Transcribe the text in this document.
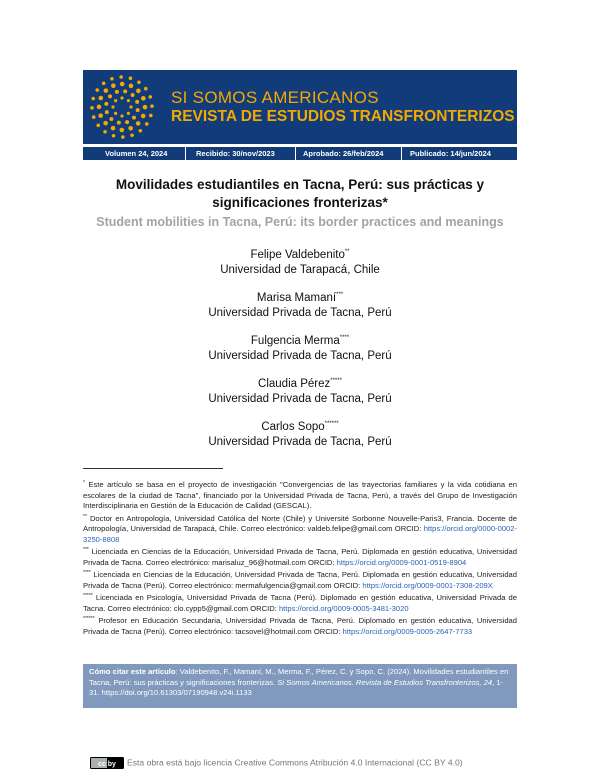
SI SOMOS AMERICANOS
REVISTA DE ESTUDIOS TRANSFRONTERIZOS
Volumen 24, 2024	Recibido: 30/nov/2023	Aprobado: 26/feb/2024	Publicado: 14/jun/2024
Movilidades estudiantiles en Tacna, Perú: sus prácticas y significaciones fronterizas*
Student mobilities in Tacna, Perú: its border practices and meanings
Felipe Valdebenito**
Universidad de Tarapacá, Chile
Marisa Mamaní***
Universidad Privada de Tacna, Perú
Fulgencia Merma****
Universidad Privada de Tacna, Perú
Claudia Pérez*****
Universidad Privada de Tacna, Perú
Carlos Sopo******
Universidad Privada de Tacna, Perú

* Este artículo se basa en el proyecto de investigación "Convergencias de las trayectorias familiares y la vida cotidiana en escolares de la ciudad de Tacna", financiado por la Universidad Privada de Tacna, Perú, a través del Grupo de Investigación Interdisciplinaria en Gestión de la Educación de Calidad (GESCAL).

** Doctor en Antropología, Universidad Católica del Norte (Chile) y Université Sorbonne Nouvelle-Paris3, Francia. Docente de Antropología, Universidad de Tarapacá, Chile. Correo electrónico: valdeb.felipe@gmail.com ORCID: https://orcid.org/0000-0002-3250-8808

*** Licenciada en Ciencias de la Educación, Universidad Privada de Tacna, Perú. Diplomada en gestión educativa, Universidad Privada de Tacna. Correo electrónico: marisaluz_96@hotmail.com ORCID: https://orcid.org/0009-0001-0519-8904

**** Licenciada en Ciencias de la Educación, Universidad Privada de Tacna, Perú. Diplomada en gestión educativa, Universidad Privada de Tacna (Perú). Correo electrónico: mermafulgencia@gmail.com ORCID: https://orcid.org/0009-0001-7308-209X

***** Licenciada en Psicología, Universidad Privada de Tacna (Perú). Diplomado en gestión educativa, Universidad Privada de Tacna. Correo electrónico: clo.cypp5@gmail.com ORCID: https://orcid.org/0009-0005-3481-3020

****** Profesor en Educación Secundaria, Universidad Privada de Tacna, Perú. Diplomado en gestión educativa, Universidad Privada de Tacna (Perú). Correo electrónico: tacsovel@hotmail.com ORCID: https://orcid.org/0009-0005-2647-7733

Cómo citar este artículo: Valdebenito, F., Mamaní, M., Merma, F., Pérez, C. y Sopo, C. (2024). Movilidades estudiantiles en Tacna, Perú: sus prácticas y significaciones fronterizas. Si Somos Americanos. Revista de Estudios Transfronterizos, 24, 1-31. https://doi.org/10.61303/07190948.v24i.1133
cc by Esta obra está bajo licencia Creative Commons Atribución 4.0 Internacional (CC BY 4.0)
